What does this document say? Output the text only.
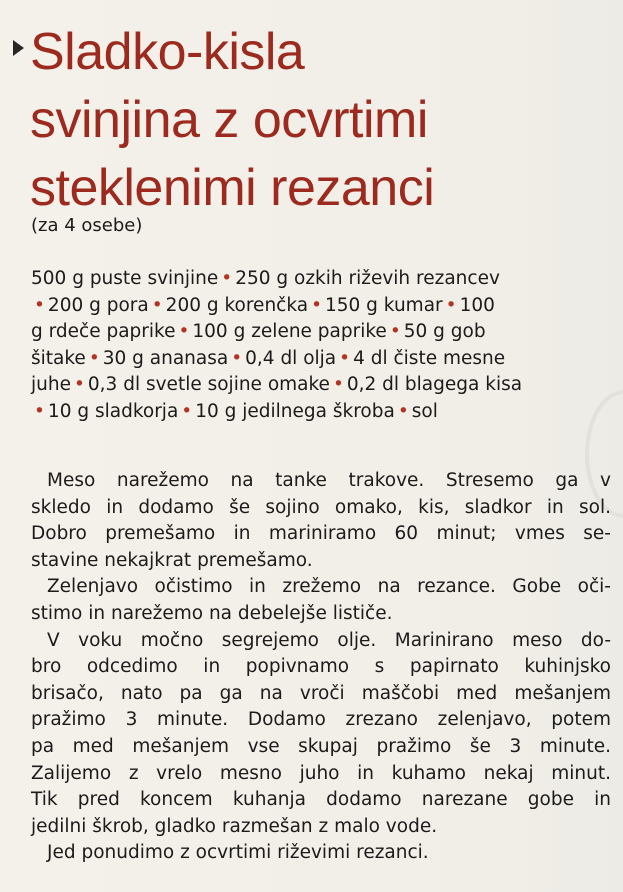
Sladko-kisla
svinjina z ocvrtimi
steklenimi rezanci
(za 4 osebe)
500 g puste svinjine • 250 g ozkih riževih rezancev
• 200 g pora • 200 g korenčka • 150 g kumar • 100
g rdeče paprike • 100 g zelene paprike • 50 g gob
šitake • 30 g ananasa • 0,4 dl olja • 4 dl čiste mesne
juhe • 0,3 dl svetle sojine omake • 0,2 dl blagega kisa
• 10 g sladkorja • 10 g jedilnega škroba • sol
Meso narežemo na tanke trakove. Stresemo ga v
skledo in dodamo še sojino omako, kis, sladkor in sol.
Dobro premešamo in mariniramo 60 minut; vmes se-
stavine nekajkrat premešamo.
Zelenjavo očistimo in zrežemo na rezance. Gobe oči-
stimo in narežemo na debelejše lističe.
V voku močno segrejemo olje. Marinirano meso do-
bro odcedimo in popivnamo s papirnato kuhinjsko
brisačo, nato pa ga na vroči maščobi med mešanjem
pražimo 3 minute. Dodamo zrezano zelenjavo, potem
pa med mešanjem vse skupaj pražimo še 3 minute.
Zalijemo z vrelo mesno juho in kuhamo nekaj minut.
Tik pred koncem kuhanja dodamo narezane gobe in
jedilni škrob, gladko razmešan z malo vode.
Jed ponudimo z ocvrtimi riževimi rezanci.
